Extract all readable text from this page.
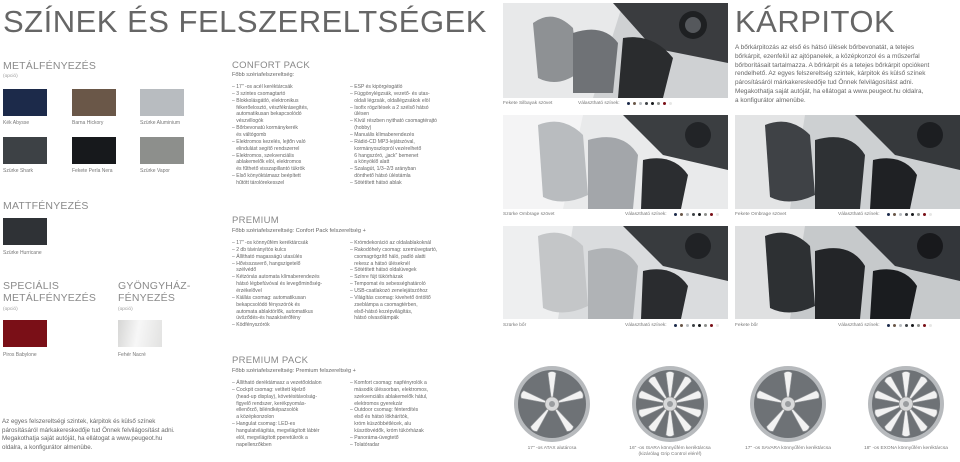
SZÍNEK ÉS FELSZERELTSÉGEK
METÁLFÉNYEZÉS
(opció)
Kék Abysse	Barna Hickory	Szürke Aluminium
Szürke Shark	Fekete Perla Nera	Szürke Vapor
MATTFÉNYEZÉS
Szürke Hurricane
SPECIÁLIS
METÁLFÉNYEZÉS
(opció)
GYÖNGYHÁZ-
FÉNYEZÉS
(opció)
Piros Babylone	Fehér Nacré
Az egyes felszereltségi szintek, kárpitok és külső színek
párosításáról márkakereskedője tud Önnek felvilágosítást adni.
Megakothatja saját autóját, ha ellátogat a www.peugeot.hu
oldalra, a konfigurátor almenübe.
CONFORT PACK
Főbb szériafelszereltség:
– 17" -os acél keréktárcsák
– 3 szintes csomagtartó
– Blokkolásgátló, elektronikus
fékerőelosztó, vészfékrásegítés,
automatikusan bekapcsolódó
vészvillogók
– Bőrbevonatú kormánykerék
és váltógomb
– Elektromos kezelés, lejtőn való
elindulást segítő rendszerrel
– Elektromos, szekvenciális
ablakemelők elöl, elektromos
és fűthető visszapillantó tükrök
– Első könyöktámasz beépített
hűtött tárolórekesszel
– ESP és kipörgésgátló
– Függönylégzsák, vezető- és utas-
oldali légzsák, oldallégzsákok elöl
– Isofix rögzítések a 2 szélső hátsó
ülésen
– Kívül részben nyitható csomagtérajtó
(hobby)
– Manuális klímaberendezés
– Rádió-CD MP3-lejátszóval,
kormányoszlopról vezérelhető
6 hangszóró, „jack" bemenet
a könyöklő alatt
– Szalagút, 1/3–2/3 arányban
dönthető hátsó üléstámla
– Sötétített hátsó ablak
PREMIUM
Főbb szériafelszereltség: Confort Pack felszereltség +
– 17" -os könnyűfém keréktárcsák
– 2 db távirányítós kulcs
– Állítható magasságú utasülés
– Hővisszaverő, hangszigetelő
szélvédő
– Kétzónás automata klímaberendezés
hátsó légbefúvóval és levegőminőség-
érzékelővel
– Kiállás csomag: automatikusan
bekapcsolódó fényszórók és
automata ablaktörlők, automatikus
üvöződés-és hazakísérőfény
– Ködfényszórók
– Krómdekoráció az oldalablakoknál
– Rakodóhely csomag: szemüvegtartó,
csomagrögzítő háló, padló alatti
rekesz a hátsó üléseknél
– Sötétített hátsó oldalüvegek
– Színre fújt tükörházak
– Tempomat és sebességhatároló
– USB-csatlakozó zenelejátszóhoz
– Világítás csomag: kivehető öntöltő
zseblámpa a csomagtérben,
első-hátsó kozépvilágítás,
hátsó olvasólámpák
PREMIUM PACK
Főbb szériafelszereltség: Premium felszereltség +
– Állítható deréktámasz a vezetőoldalon
– Cockpit csomag: vetített kijelző
(head-up display), követésitávolság-
figyelő rendszer, kerékpyomás-
ellenőrző, biléndképazsolók
a középkonzolon
– Hangulat csomag: LED-es
hangulatvilágítás, megvilágított lábtér
elöl, megvilágított pperetükrök a
napellenzőkben
– Komfort csomag: napfényrolók a
második üléssorban, elektromos,
szekvenciális ablakemelők hátul,
elektromos gyerekzár
– Outdoor csomag: fénterdítés
első és hátsó lökhárítók,
króm küszöbbétlécek, alu
küszöbvédők, króm tükörházak
– Panoráma-üvegtető
– Tolatóradar
KÁRPITOK
A bőrkárpitozás az első és hátsó ülések bőrbevonatát, a tetejes
bőrkárpit, ezenfelül az ajtópanelek, a középkonzol és a műszerfal
bőrborításait tartalmazza. A bőrkárpit és a tetejes bőrkárpit opciókent
rendelhető. Az egyes felszereltség szintek, kárpitok és külső színek
párosításáról márkakereskedője tud Önnek felvilágosítást adni.
Megakothatja saját autóját, ha ellátogat a www.peugeot.hu oldalra,
a konfigurátor almenübe.
Fekete Silbayak szövet	Választható színek:
Szürke Ombrage szövet	Választható színek:	Fekete Ombrage szövet	Választható színek:
Szürke bőr	Választható színek:	Fekete bőr	Választható színek:
17" -os ATAX alutárcsa	16" -os ISARA könnyűfém keréktárcsa
(kizárólag Grip Control eléréf)
17" -os SAVARA könnyűfém keréktárcsa	18" -os EXONA könnyűfém keréktárcsa
